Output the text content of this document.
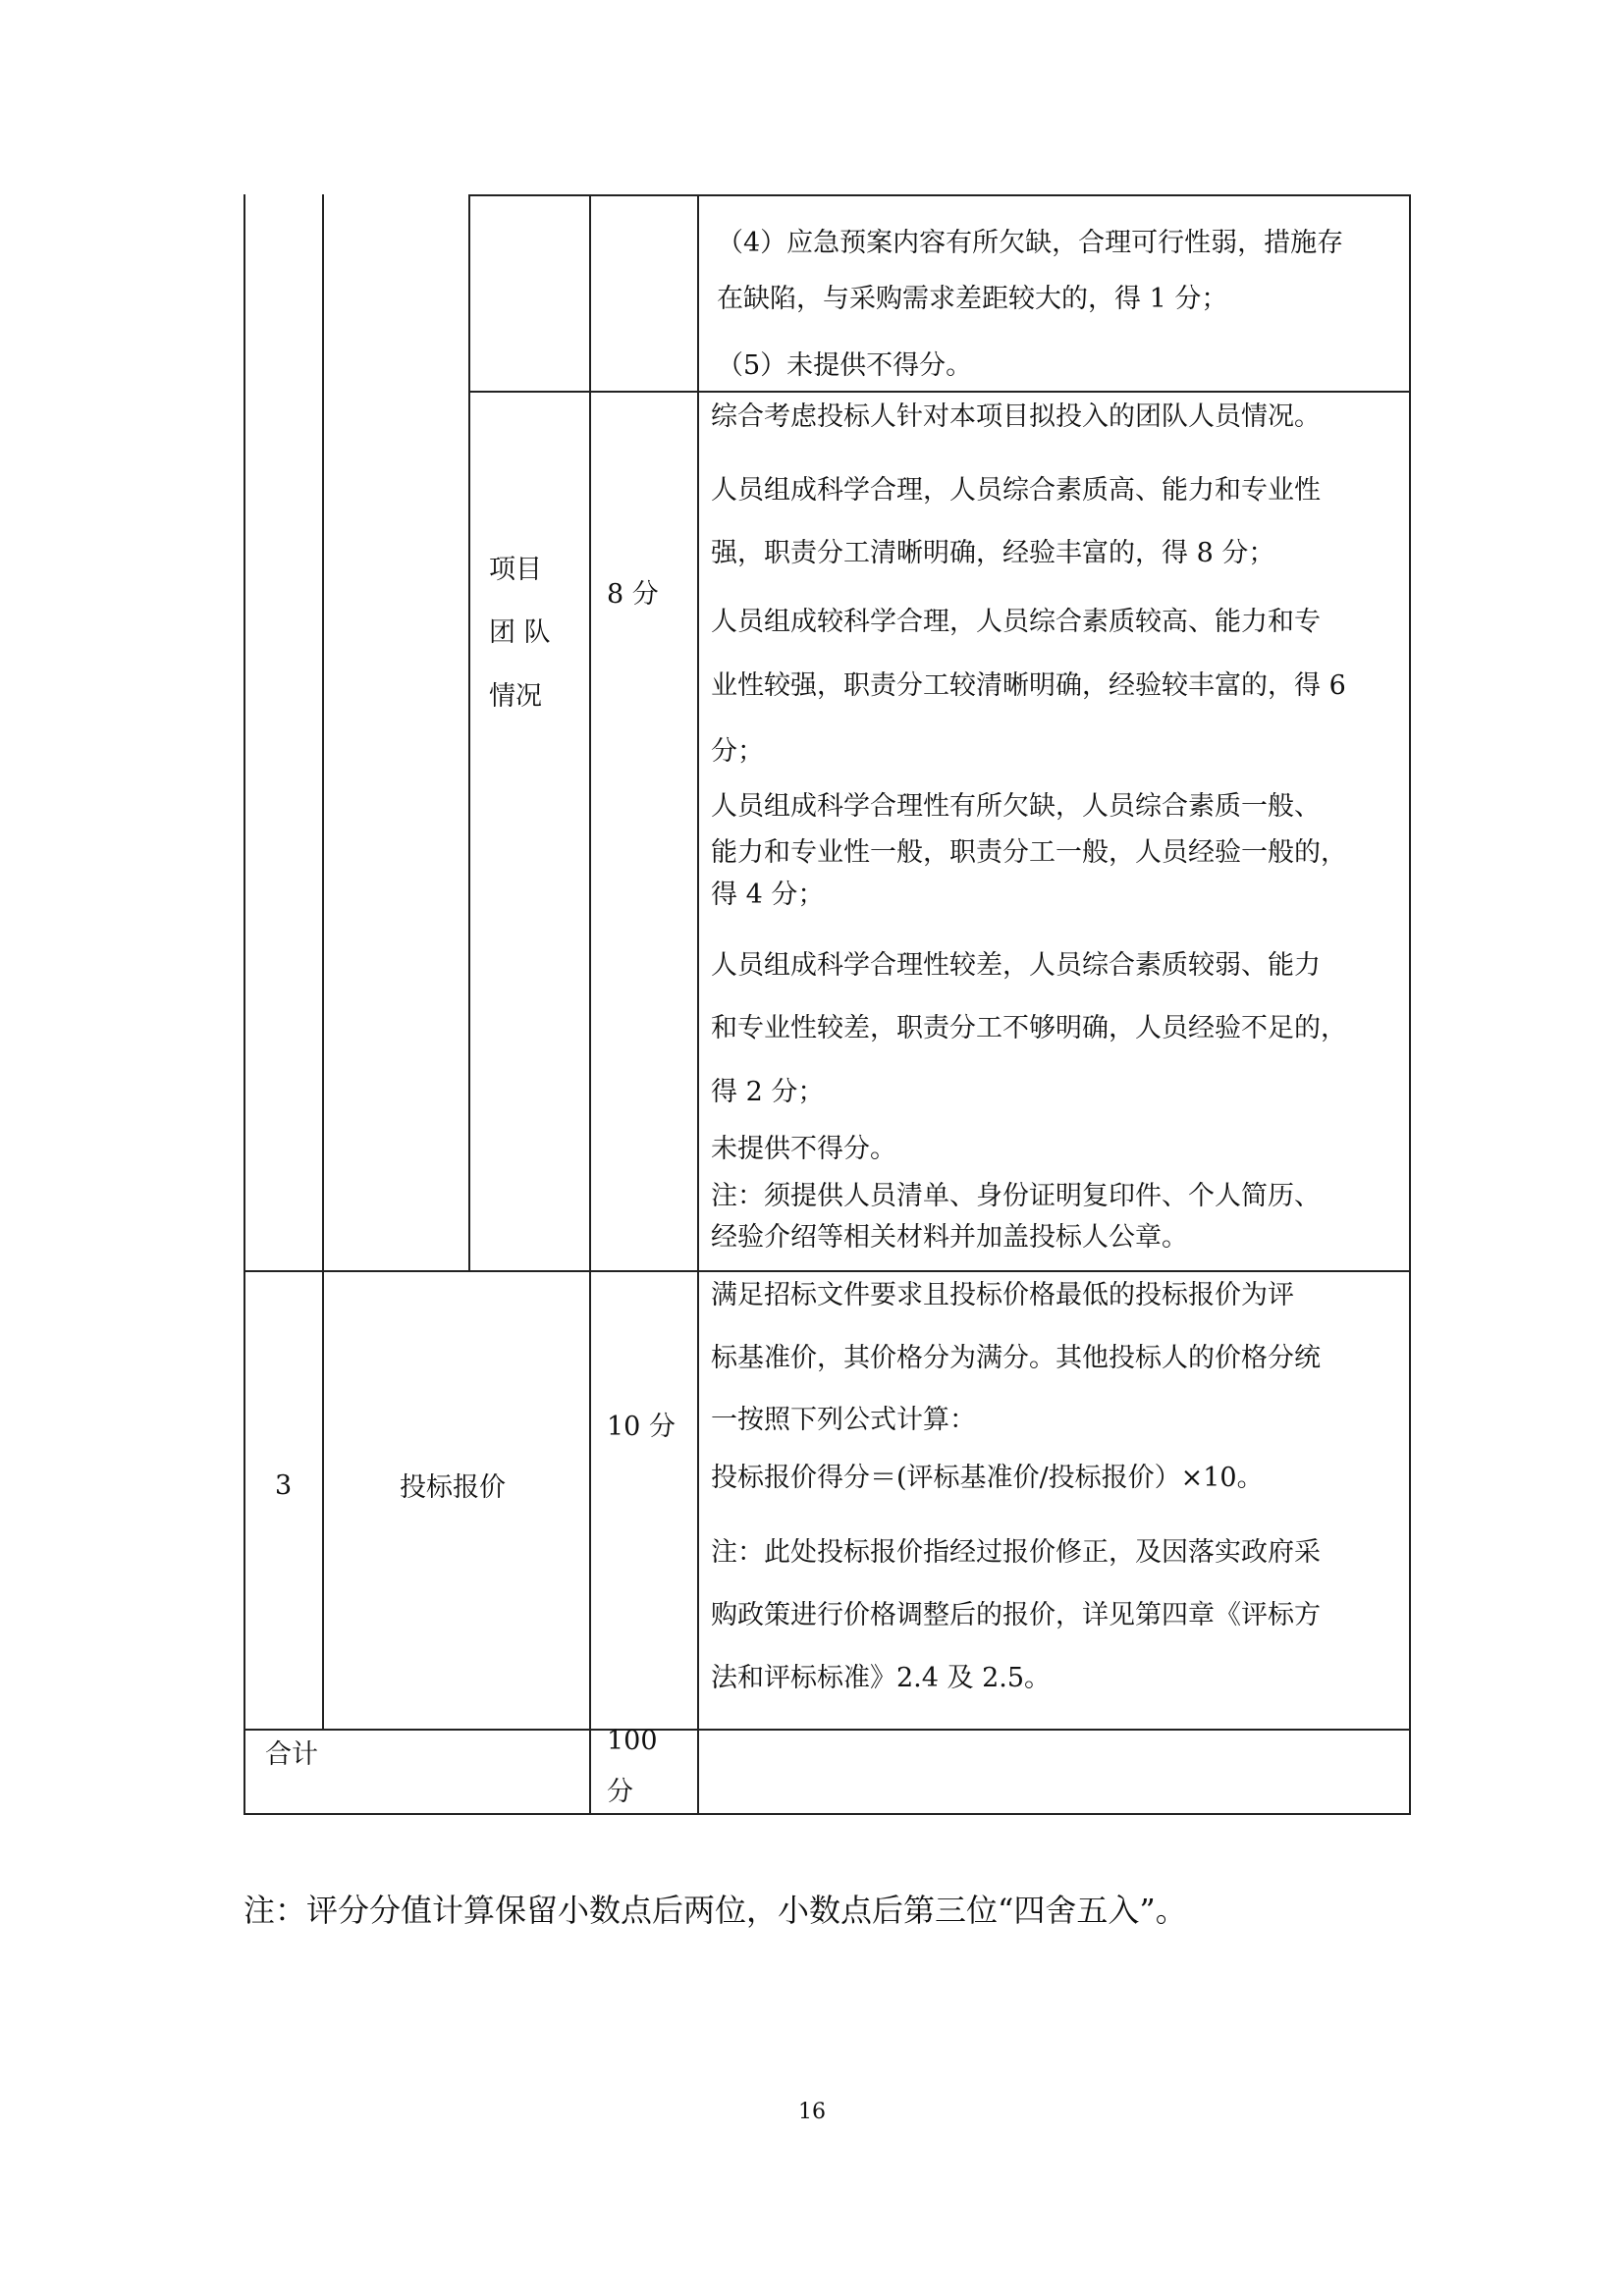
（4）应急预案内容有所欠缺，合理可行性弱，措施存
在缺陷，与采购需求差距较大的，得 1 分；
（5）未提供不得分。
项目
团 队
情况
8 分
综合考虑投标人针对本项目拟投入的团队人员情况。
人员组成科学合理，人员综合素质高、能力和专业性
强，职责分工清晰明确，经验丰富的，得 8 分；
人员组成较科学合理，人员综合素质较高、能力和专
业性较强，职责分工较清晰明确，经验较丰富的，得 6
分；
人员组成科学合理性有所欠缺，人员综合素质一般、
能力和专业性一般，职责分工一般，人员经验一般的，
得 4 分；
人员组成科学合理性较差，人员综合素质较弱、能力
和专业性较差，职责分工不够明确，人员经验不足的，
得 2 分；
未提供不得分。
注：须提供人员清单、身份证明复印件、个人简历、
经验介绍等相关材料并加盖投标人公章。
3	投标报价
10 分
满足招标文件要求且投标价格最低的投标报价为评
标基准价，其价格分为满分。其他投标人的价格分统
一按照下列公式计算：
投标报价得分＝(评标基准价/投标报价）×10。
注：此处投标报价指经过报价修正，及因落实政府采
购政策进行价格调整后的报价，详见第四章《评标方
法和评标标准》2.4 及 2.5。
合计	100
分
注：评分分值计算保留小数点后两位，小数点后第三位“四舍五入”。
16
